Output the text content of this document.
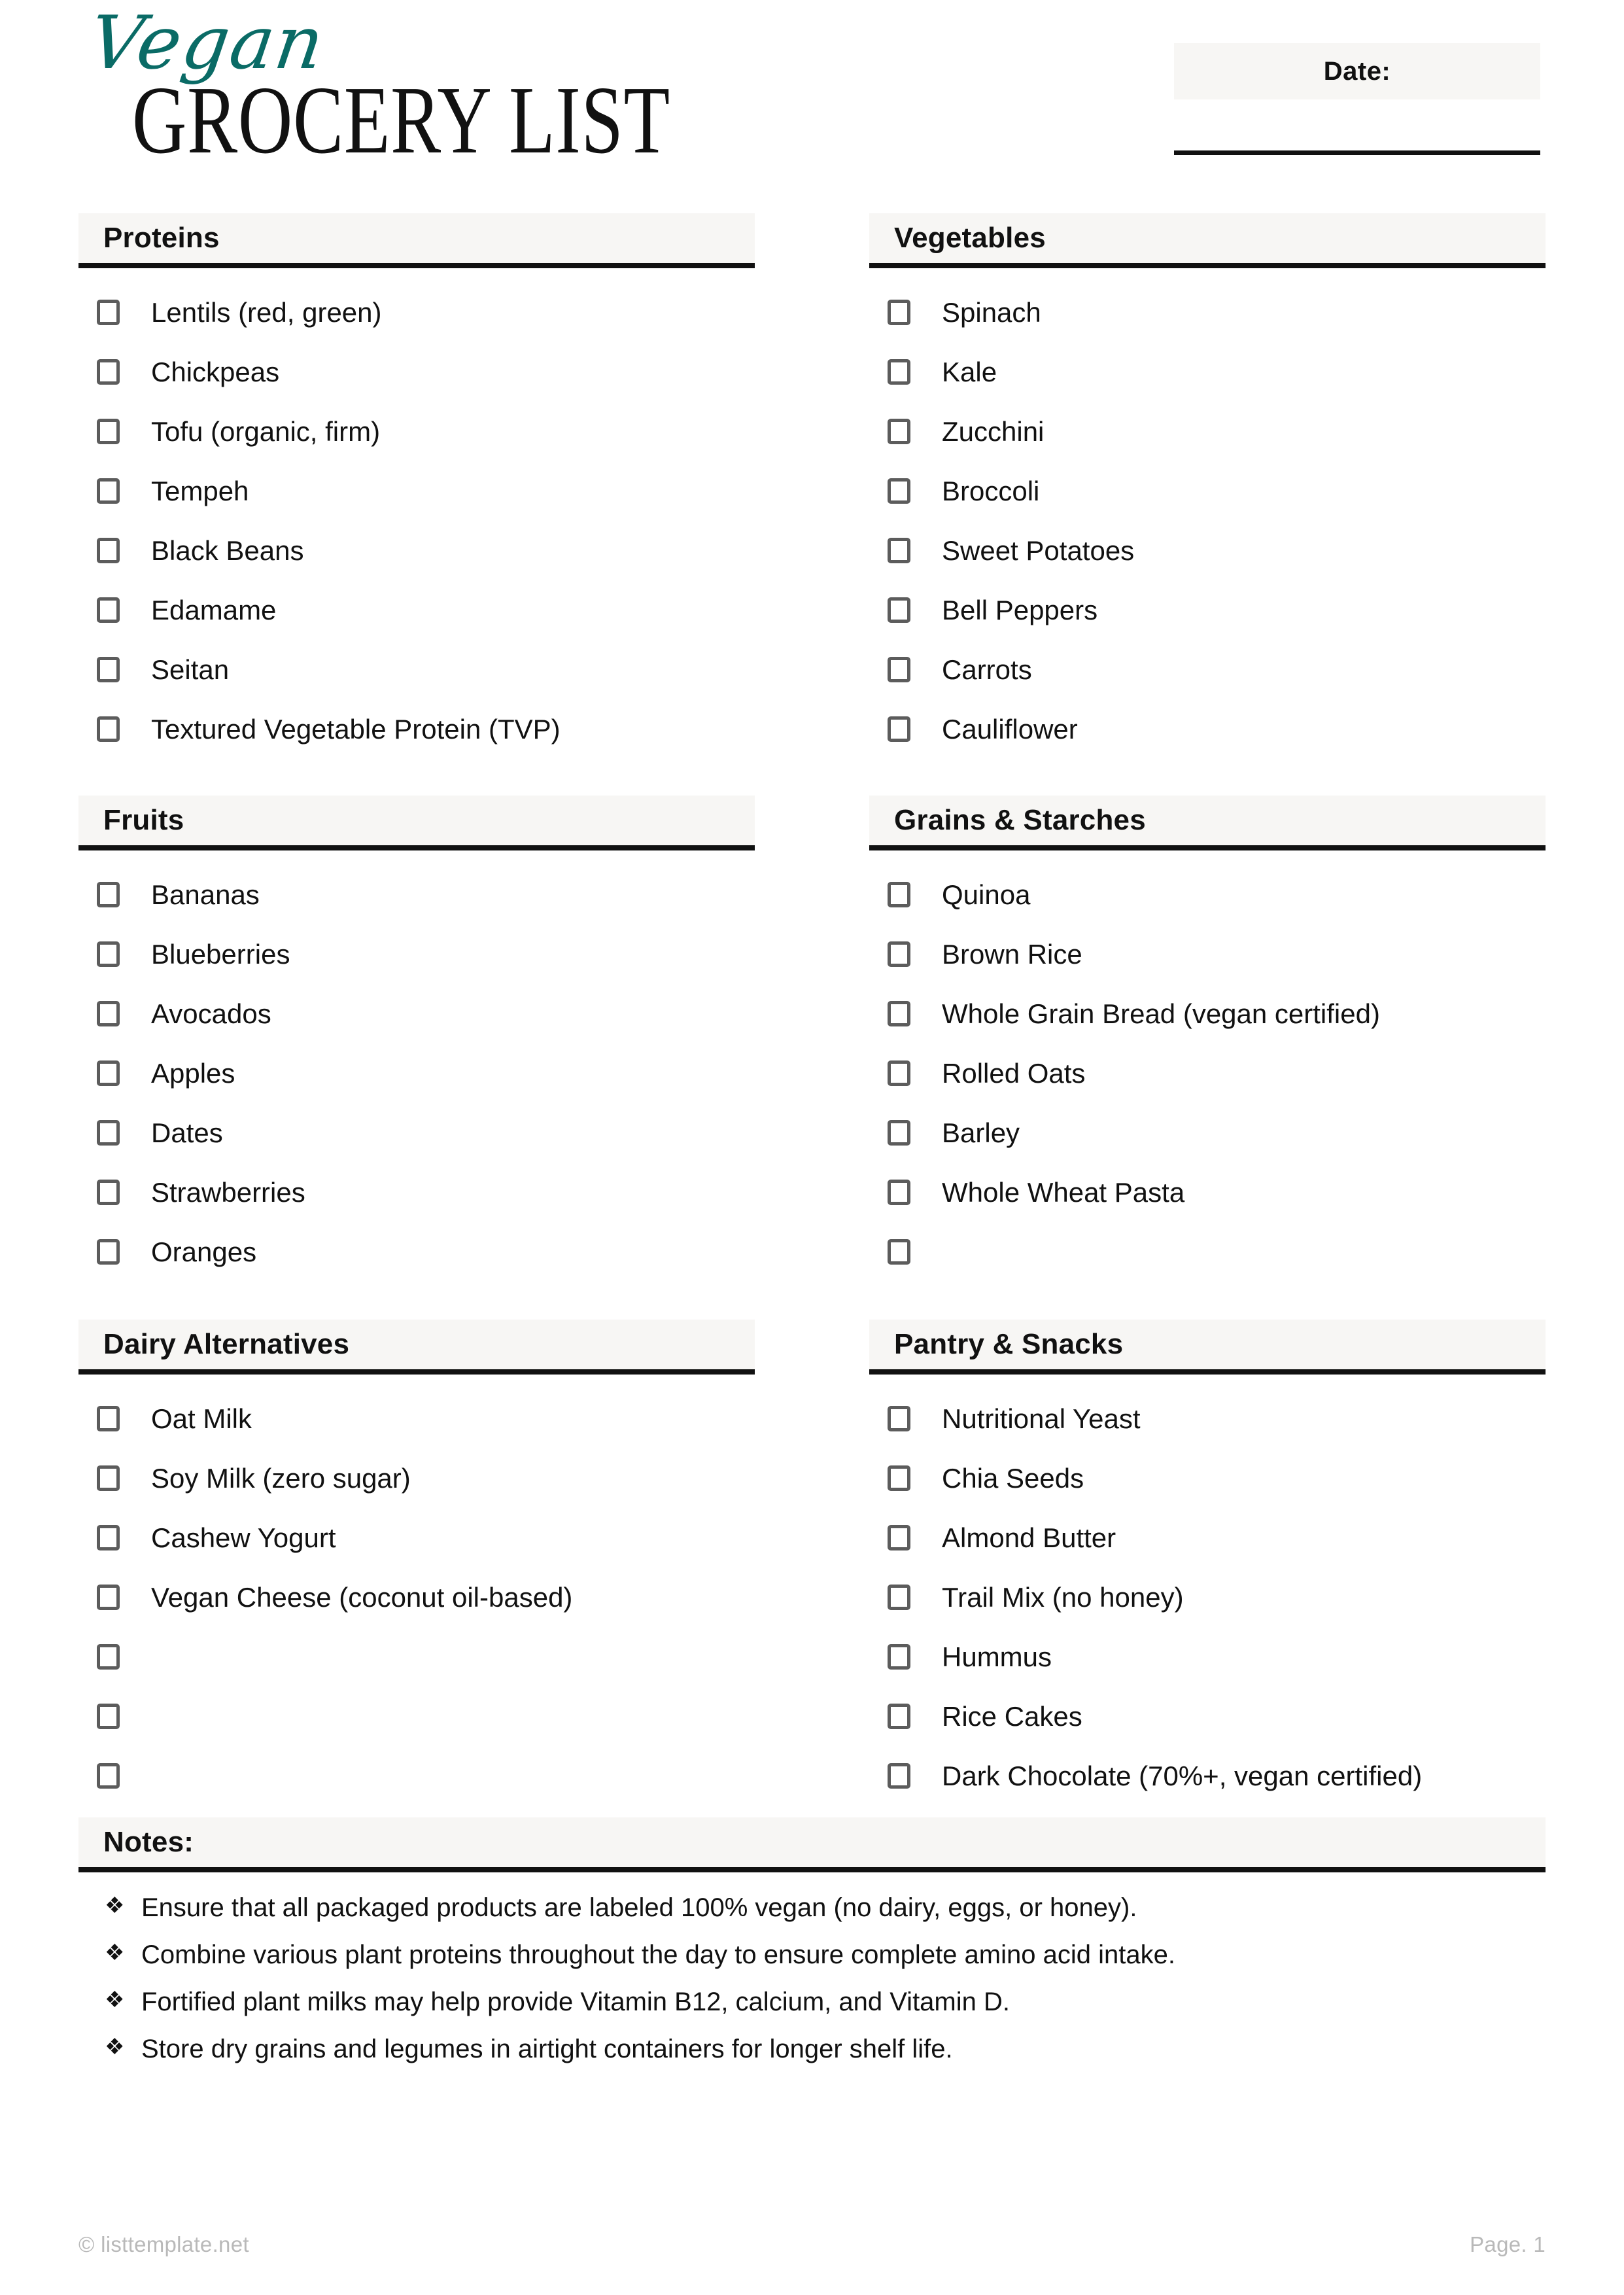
Vegan
GROCERY LIST	Date:
Proteins
Lentils (red, green)
Chickpeas
Tofu (organic, firm)
Tempeh
Black Beans
Edamame
Seitan
Textured Vegetable Protein (TVP)
Vegetables
Spinach
Kale
Zucchini
Broccoli
Sweet Potatoes
Bell Peppers
Carrots
Cauliflower
Fruits
Bananas
Blueberries
Avocados
Apples
Dates
Strawberries
Oranges
Grains & Starches
Quinoa
Brown Rice
Whole Grain Bread (vegan certified)
Rolled Oats
Barley
Whole Wheat Pasta
Dairy Alternatives
Oat Milk
Soy Milk (zero sugar)
Cashew Yogurt
Vegan Cheese (coconut oil-based)
Pantry & Snacks
Nutritional Yeast
Chia Seeds
Almond Butter
Trail Mix (no honey)
Hummus
Rice Cakes
Dark Chocolate (70%+, vegan certified)
Notes:
❖ Ensure that all packaged products are labeled 100% vegan (no dairy, eggs, or honey).
❖ Combine various plant proteins throughout the day to ensure complete amino acid intake.
❖ Fortified plant milks may help provide Vitamin B12, calcium, and Vitamin D.
❖ Store dry grains and legumes in airtight containers for longer shelf life.
© listtemplate.net	Page. 1
